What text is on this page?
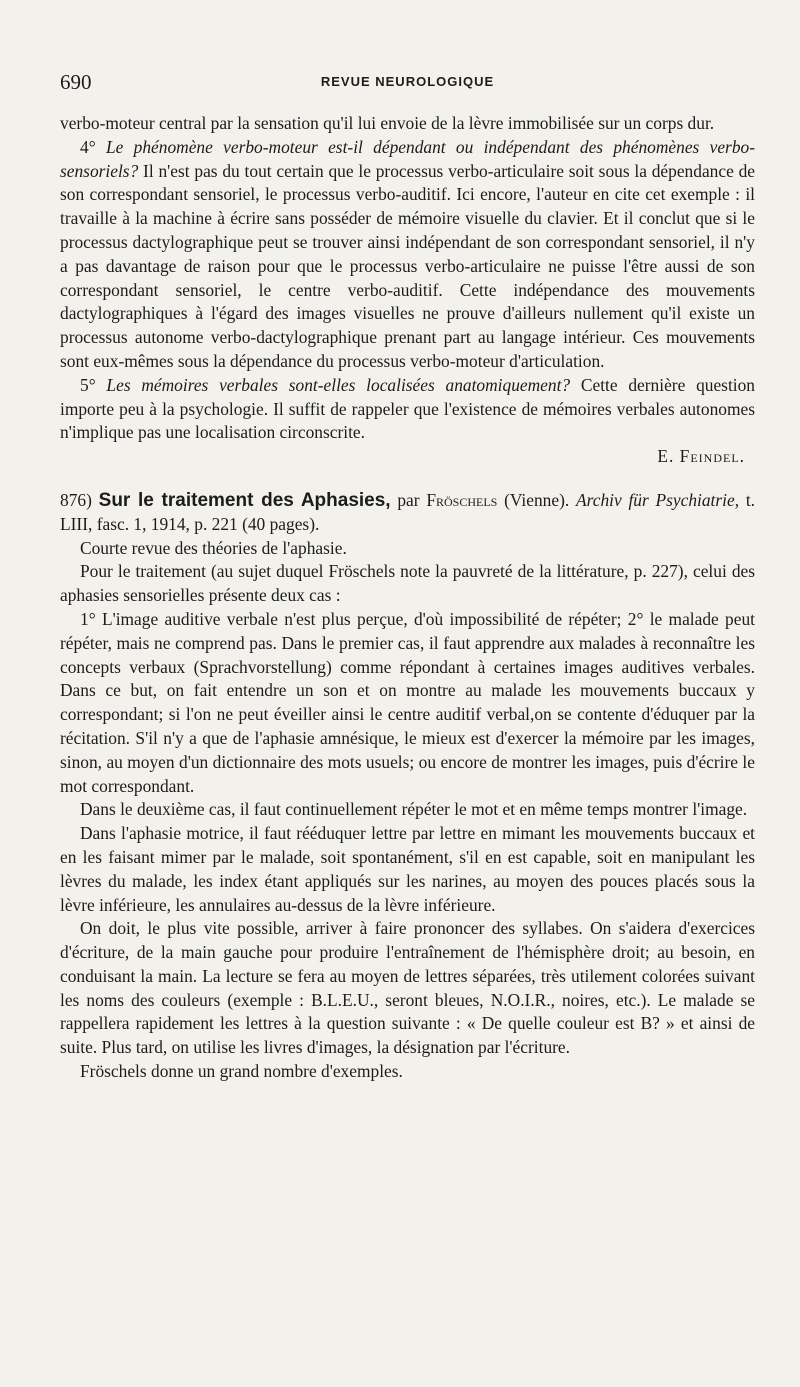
690	REVUE NEUROLOGIQUE

verbo-moteur central par la sensation qu'il lui envoie de la lèvre immobilisée sur un corps dur.

4° Le phénomène verbo-moteur est-il dépendant ou indépendant des phénomènes verbo-sensoriels? Il n'est pas du tout certain que le processus verbo-articulaire soit sous la dépendance de son correspondant sensoriel, le processus verbo-auditif. Ici encore, l'auteur en cite cet exemple : il travaille à la machine à écrire sans posséder de mémoire visuelle du clavier. Et il conclut que si le processus dactylographique peut se trouver ainsi indépendant de son correspondant sensoriel, il n'y a pas davantage de raison pour que le processus verbo-articulaire ne puisse l'être aussi de son correspondant sensoriel, le centre verbo-auditif. Cette indépendance des mouvements dactylographiques à l'égard des images visuelles ne prouve d'ailleurs nullement qu'il existe un processus autonome verbo-dactylographique prenant part au langage intérieur. Ces mouvements sont eux-mêmes sous la dépendance du processus verbo-moteur d'articulation.

5° Les mémoires verbales sont-elles localisées anatomiquement? Cette dernière question importe peu à la psychologie. Il suffit de rappeler que l'existence de mémoires verbales autonomes n'implique pas une localisation circonscrite.

E. Feindel.

876) Sur le traitement des Aphasies, par Fröschels (Vienne). Archiv für Psychiatrie, t. LIII, fasc. 1, 1914, p. 221 (40 pages).

Courte revue des théories de l'aphasie.

Pour le traitement (au sujet duquel Fröschels note la pauvreté de la littérature, p. 227), celui des aphasies sensorielles présente deux cas :

1° L'image auditive verbale n'est plus perçue, d'où impossibilité de répéter; 2° le malade peut répéter, mais ne comprend pas. Dans le premier cas, il faut apprendre aux malades à reconnaître les concepts verbaux (Sprachvorstellung) comme répondant à certaines images auditives verbales. Dans ce but, on fait entendre un son et on montre au malade les mouvements buccaux y correspondant; si l'on ne peut éveiller ainsi le centre auditif verbal,on se contente d'éduquer par la récitation. S'il n'y a que de l'aphasie amnésique, le mieux est d'exercer la mémoire par les images, sinon, au moyen d'un dictionnaire des mots usuels; ou encore de montrer les images, puis d'écrire le mot correspondant.

Dans le deuxième cas, il faut continuellement répéter le mot et en même temps montrer l'image.

Dans l'aphasie motrice, il faut rééduquer lettre par lettre en mimant les mouvements buccaux et en les faisant mimer par le malade, soit spontanément, s'il en est capable, soit en manipulant les lèvres du malade, les index étant appliqués sur les narines, au moyen des pouces placés sous la lèvre inférieure, les annulaires au-dessus de la lèvre inférieure.

On doit, le plus vite possible, arriver à faire prononcer des syllabes. On s'aidera d'exercices d'écriture, de la main gauche pour produire l'entraînement de l'hémisphère droit; au besoin, en conduisant la main. La lecture se fera au moyen de lettres séparées, très utilement colorées suivant les noms des couleurs (exemple : B.L.E.U., seront bleues, N.O.I.R., noires, etc.). Le malade se rappellera rapidement les lettres à la question suivante : « De quelle couleur est B? » et ainsi de suite. Plus tard, on utilise les livres d'images, la désignation par l'écriture.

Fröschels donne un grand nombre d'exemples.
